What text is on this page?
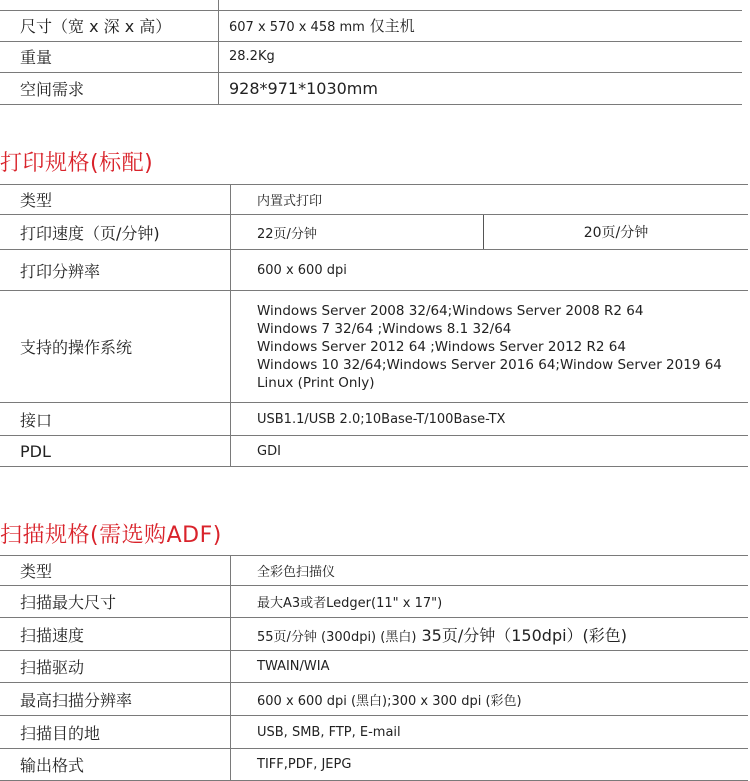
尺寸（宽 x 深 x 高）	607 x 570 x 458 mm 仅主机
重量	28.2Kg
空间需求	928*971*1030mm
打印规格(标配)
类型	内置式打印	
打印速度（页/分钟)	22页/分钟	20页/分钟
打印分辨率	600 x 600 dpi	
支持的操作系统	Windows Server 2008 32/64;Windows Server 2008 R2 64
Windows 7 32/64 ;Windows 8.1 32/64
Windows Server 2012 64 ;Windows Server 2012 R2 64
Windows 10 32/64;Windows Server 2016 64;Window Server 2019 64
Linux (Print Only)	

接口	USB1.1/USB 2.0;10Base-T/100Base-TX	
PDL	GDI	
扫描规格(需选购ADF)
类型	全彩色扫描仪
扫描最大尺寸	最大A3或者Ledger(11" x 17")
扫描速度	55页/分钟 (300dpi) (黑白) 35页/分钟（150dpi）(彩色)
扫描驱动	TWAIN/WIA
最高扫描分辨率	600 x 600 dpi (黑白);300 x 300 dpi (彩色)
扫描目的地	USB, SMB, FTP, E-mail
输出格式	TIFF,PDF, JEPG
